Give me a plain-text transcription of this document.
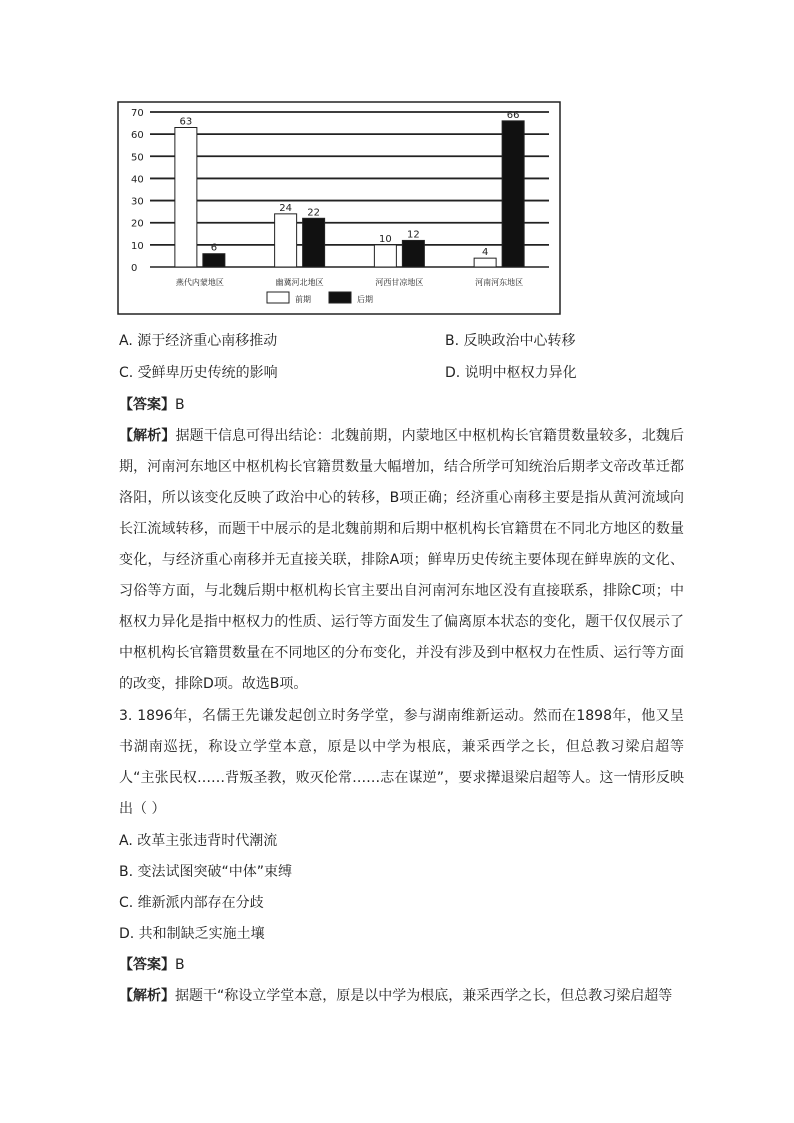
0
10
20
30
40
50
60
70
63
6
燕代内蒙地区
24 22
幽冀河北地区
10 12
河西甘凉地区
4
66
河南河东地区
前期	后期
A. 源于经济重心南移推动	B. 反映政治中心转移
C. 受鲜卑历史传统的影响	D. 说明中枢权力异化
【答案】B
【解析】据题干信息可得出结论：北魏前期，内蒙地区中枢机构长官籍贯数量较多，北魏后期，河南河东地区中枢机构长官籍贯数量大幅增加，结合所学可知统治后期孝文帝改革迁都洛阳，所以该变化反映了政治中心的转移，B项正确；经济重心南移主要是指从黄河流域向长江流域转移，而题干中展示的是北魏前期和后期中枢机构长官籍贯在不同北方地区的数量变化，与经济重心南移并无直接关联，排除A项；鲜卑历史传统主要体现在鲜卑族的文化、习俗等方面，与北魏后期中枢机构长官主要出自河南河东地区没有直接联系，排除C项；中枢权力异化是指中枢权力的性质、运行等方面发生了偏离原本状态的变化，题干仅仅展示了中枢机构长官籍贯数量在不同地区的分布变化，并没有涉及到中枢权力在性质、运行等方面的改变，排除D项。故选B项。
3. 1896年，名儒王先谦发起创立时务学堂，参与湖南维新运动。然而在1898年，他又呈书湖南巡抚，称设立学堂本意，原是以中学为根底，兼采西学之长，但总教习梁启超等人“主张民权……背叛圣教，败灭伦常……志在谋逆”，要求撵退梁启超等人。这一情形反映出（ ）
A. 改革主张违背时代潮流
B. 变法试图突破“中体”束缚
C. 维新派内部存在分歧
D. 共和制缺乏实施土壤
【答案】B
【解析】据题干“称设立学堂本意，原是以中学为根底，兼采西学之长，但总教习梁启超等
